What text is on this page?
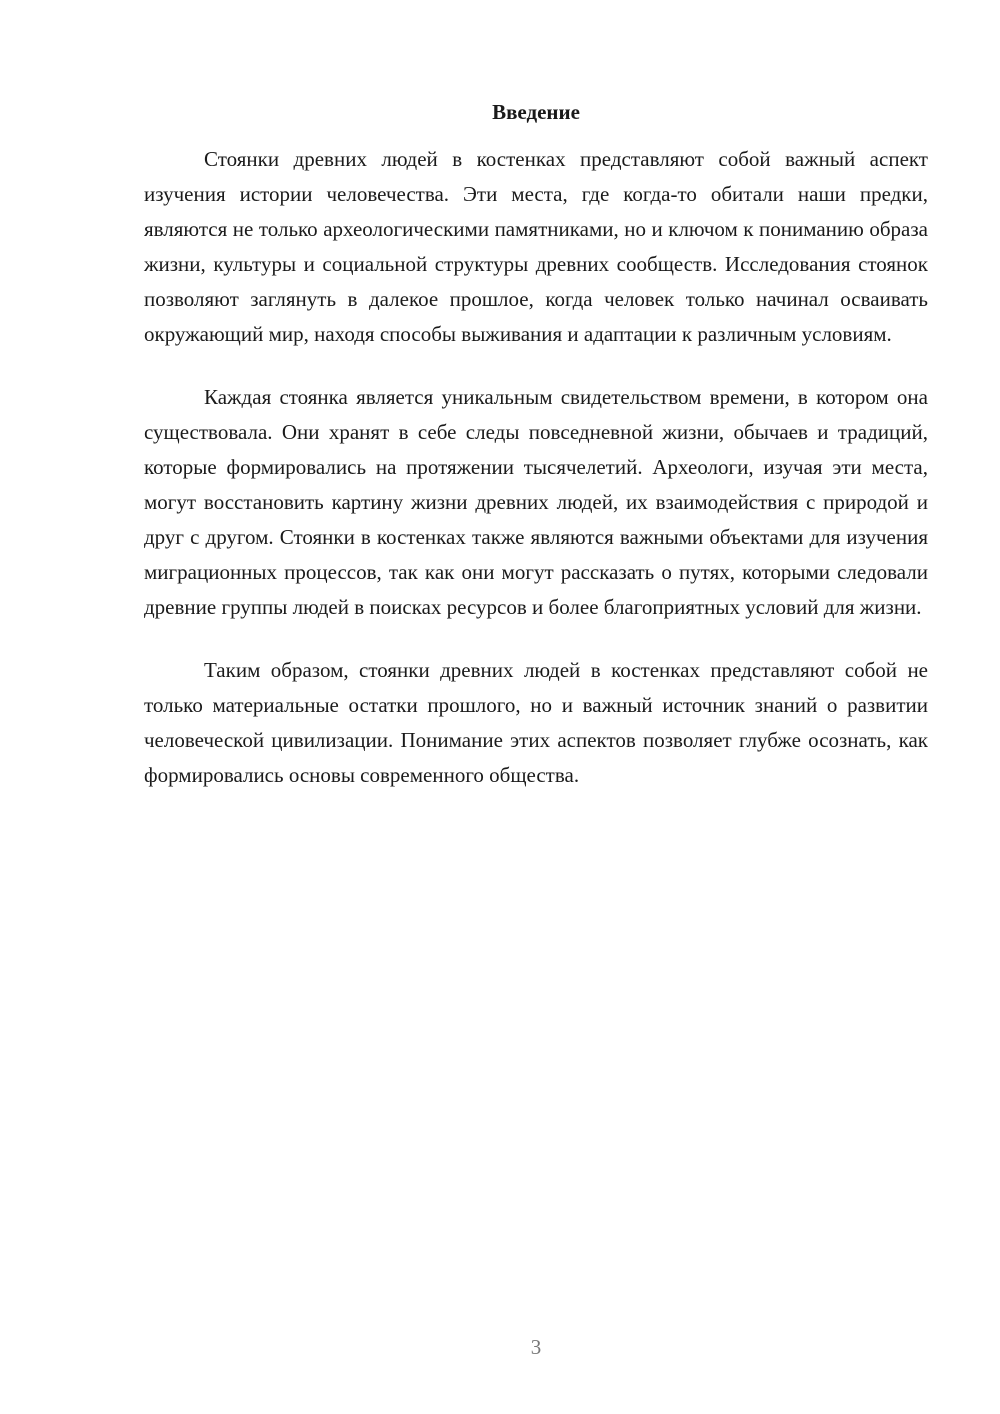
Введение

Стоянки древних людей в костенках представляют собой важный аспект изучения истории человечества. Эти места, где когда-то обитали наши предки, являются не только археологическими памятниками, но и ключом к пониманию образа жизни, культуры и социальной структуры древних сообществ. Исследования стоянок позволяют заглянуть в далекое прошлое, когда человек только начинал осваивать окружающий мир, находя способы выживания и адаптации к различным условиям.

Каждая стоянка является уникальным свидетельством времени, в котором она существовала. Они хранят в себе следы повседневной жизни, обычаев и традиций, которые формировались на протяжении тысячелетий. Археологи, изучая эти места, могут восстановить картину жизни древних людей, их взаимодействия с природой и друг с другом. Стоянки в костенках также являются важными объектами для изучения миграционных процессов, так как они могут рассказать о путях, которыми следовали древние группы людей в поисках ресурсов и более благоприятных условий для жизни.

Таким образом, стоянки древних людей в костенках представляют собой не только материальные остатки прошлого, но и важный источник знаний о развитии человеческой цивилизации. Понимание этих аспектов позволяет глубже осознать, как формировались основы современного общества.

3
